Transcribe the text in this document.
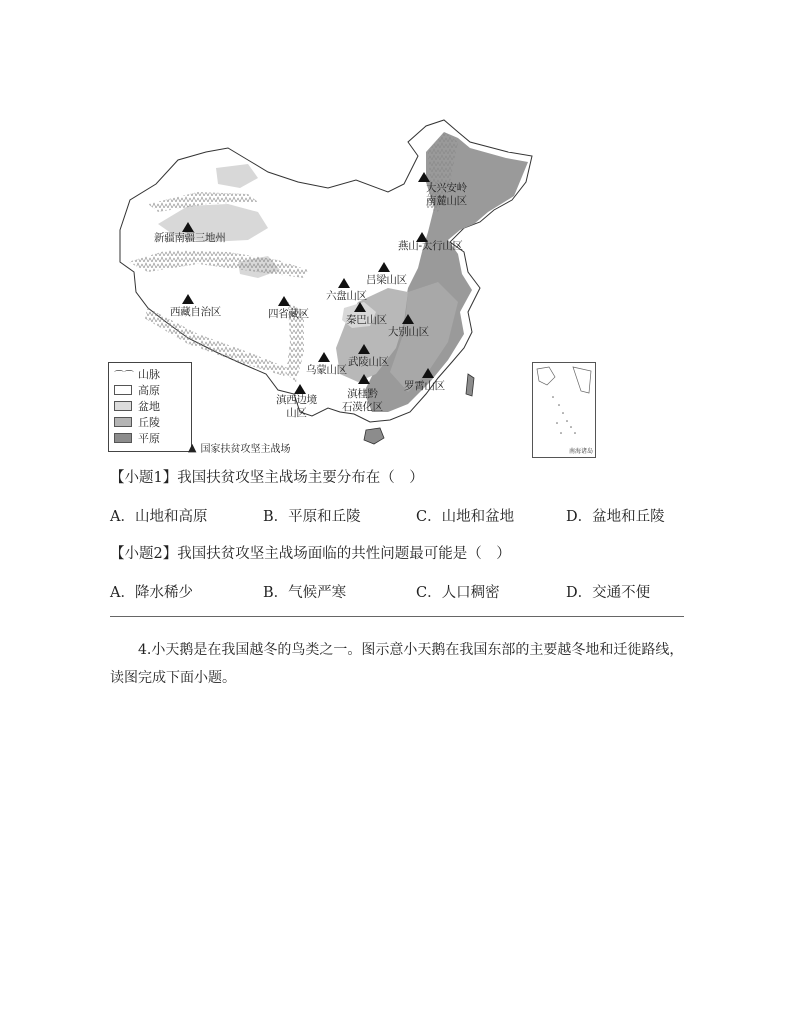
大兴安岭
南麓山区
燕山-太行山区
新疆南疆三地州
吕梁山区
六盘山区
西藏自治区	四省藏区	秦巴山区
大别山区
乌蒙山区
武陵山区
罗霄山区
滇西边境
山区
滇桂黔
石漠化区
⌒⌒ 山脉
高原
盆地
丘陵
平原
▲ 国家扶贫攻坚主战场	南海诸岛
【小题1】我国扶贫攻坚主战场主要分布在（　）
A．山地和高原	B．平原和丘陵	C．山地和盆地	D．盆地和丘陵
【小题2】我国扶贫攻坚主战场面临的共性问题最可能是（　）
A．降水稀少	B．气候严寒	C．人口稠密	D．交通不便
4.小天鹅是在我国越冬的鸟类之一。图示意小天鹅在我国东部的主要越冬地和迁徙路线，读图完成下面小题。
